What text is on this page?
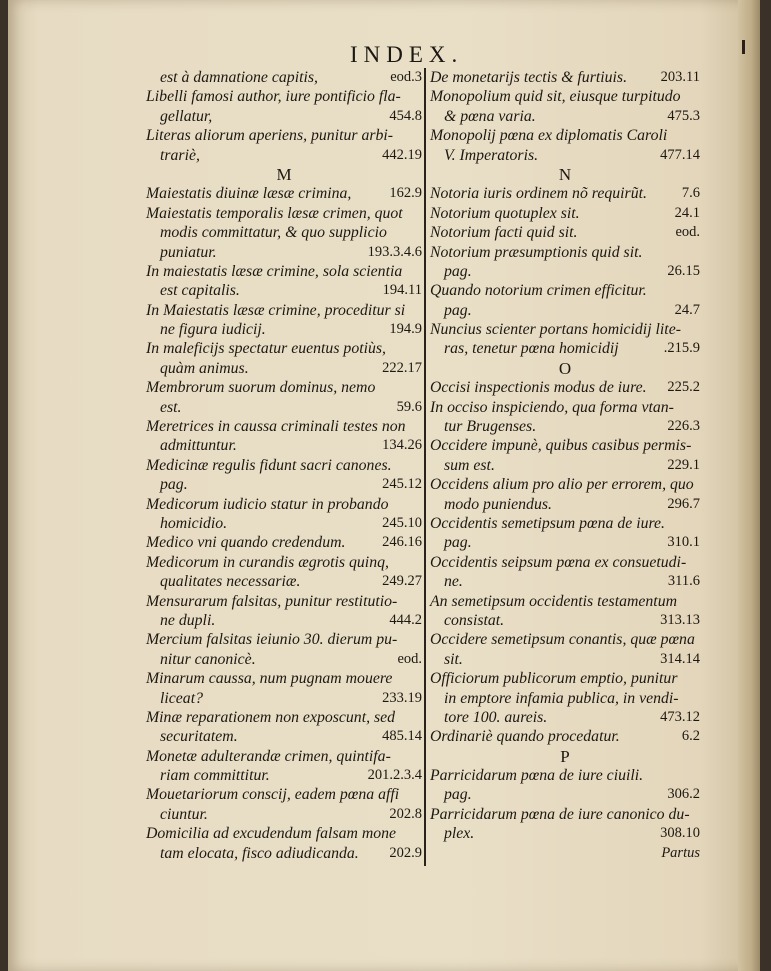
INDEX.
est à damnatione capitis,	eod.3
Libelli famosi author, iure pontificio fla-
gellatur,	454.8
Literas aliorum aperiens, punitur arbi-
trariè,	442.19
M
Maiestatis diuinæ læsæ crimina,	162.9
Maiestatis temporalis læsæ crimen, quot
modis committatur, & quo supplicio
puniatur.	193.3.4.6
In maiestatis læsæ crimine, sola scientia
est capitalis.	194.11
In Maiestatis læsæ crimine, proceditur si
ne figura iudicij.	194.9
In maleficijs spectatur euentus potiùs,
quàm animus.	222.17
Membrorum suorum dominus, nemo
est.	59.6
Meretrices in caussa criminali testes non
admittuntur.	134.26
Medicinæ regulis fidunt sacri canones.
pag.	245.12
Medicorum iudicio statur in probando
homicidio.	245.10
Medico vni quando credendum.	246.16
Medicorum in curandis ægrotis quinq,
qualitates necessariæ.	249.27
Mensurarum falsitas, punitur restitutio-
ne dupli.	444.2
Mercium falsitas ieiunio 30. dierum pu-
nitur canonicè.	eod.
Minarum caussa, num pugnam mouere
liceat?	233.19
Minæ reparationem non exposcunt, sed
securitatem.	485.14
Monetæ adulterandæ crimen, quintifa-
riam committitur.	201.2.3.4
Mouetariorum conscij, eadem pœna affi
ciuntur.	202.8
Domicilia ad excudendum falsam mone
tam elocata, fisco adiudicanda. 202.9
De monetarijs tectis & furtiuis. 203.11
Monopolium quid sit, eiusque turpitudo
& pœna varia.	475.3
Monopolij pœna ex diplomatis Caroli
V. Imperatoris.	477.14
N
Notoria iuris ordinem nõ requirũt. 7.6
Notorium quotuplex sit.	24.1
Notorium facti quid sit.	eod.
Notorium præsumptionis quid sit.
pag.	26.15
Quando notorium crimen efficitur.
pag.	24.7
Nuncius scienter portans homicidij lite-
ras, tenetur pœna homicidij	.215.9
O
Occisi inspectionis modus de iure. 225.2
In occiso inspiciendo, qua forma vtan-
tur Brugenses.	226.3
Occidere impunè, quibus casibus permis-
sum est.	229.1
Occidens alium pro alio per errorem, quo
modo puniendus.	296.7
Occidentis semetipsum pœna de iure.
pag.	310.1
Occidentis seipsum pœna ex consuetudi-
ne.	311.6
An semetipsum occidentis testamentum
consistat.	313.13
Occidere semetipsum conantis, quæ pœna
sit.	314.14
Officiorum publicorum emptio, punitur
in emptore infamia publica, in vendi-
tore 100. aureis.	473.12
Ordinariè quando procedatur.	6.2
P
Parricidarum pœna de iure ciuili.
pag.	306.2
Parricidarum pœna de iure canonico du-
plex.	308.10
Partus
